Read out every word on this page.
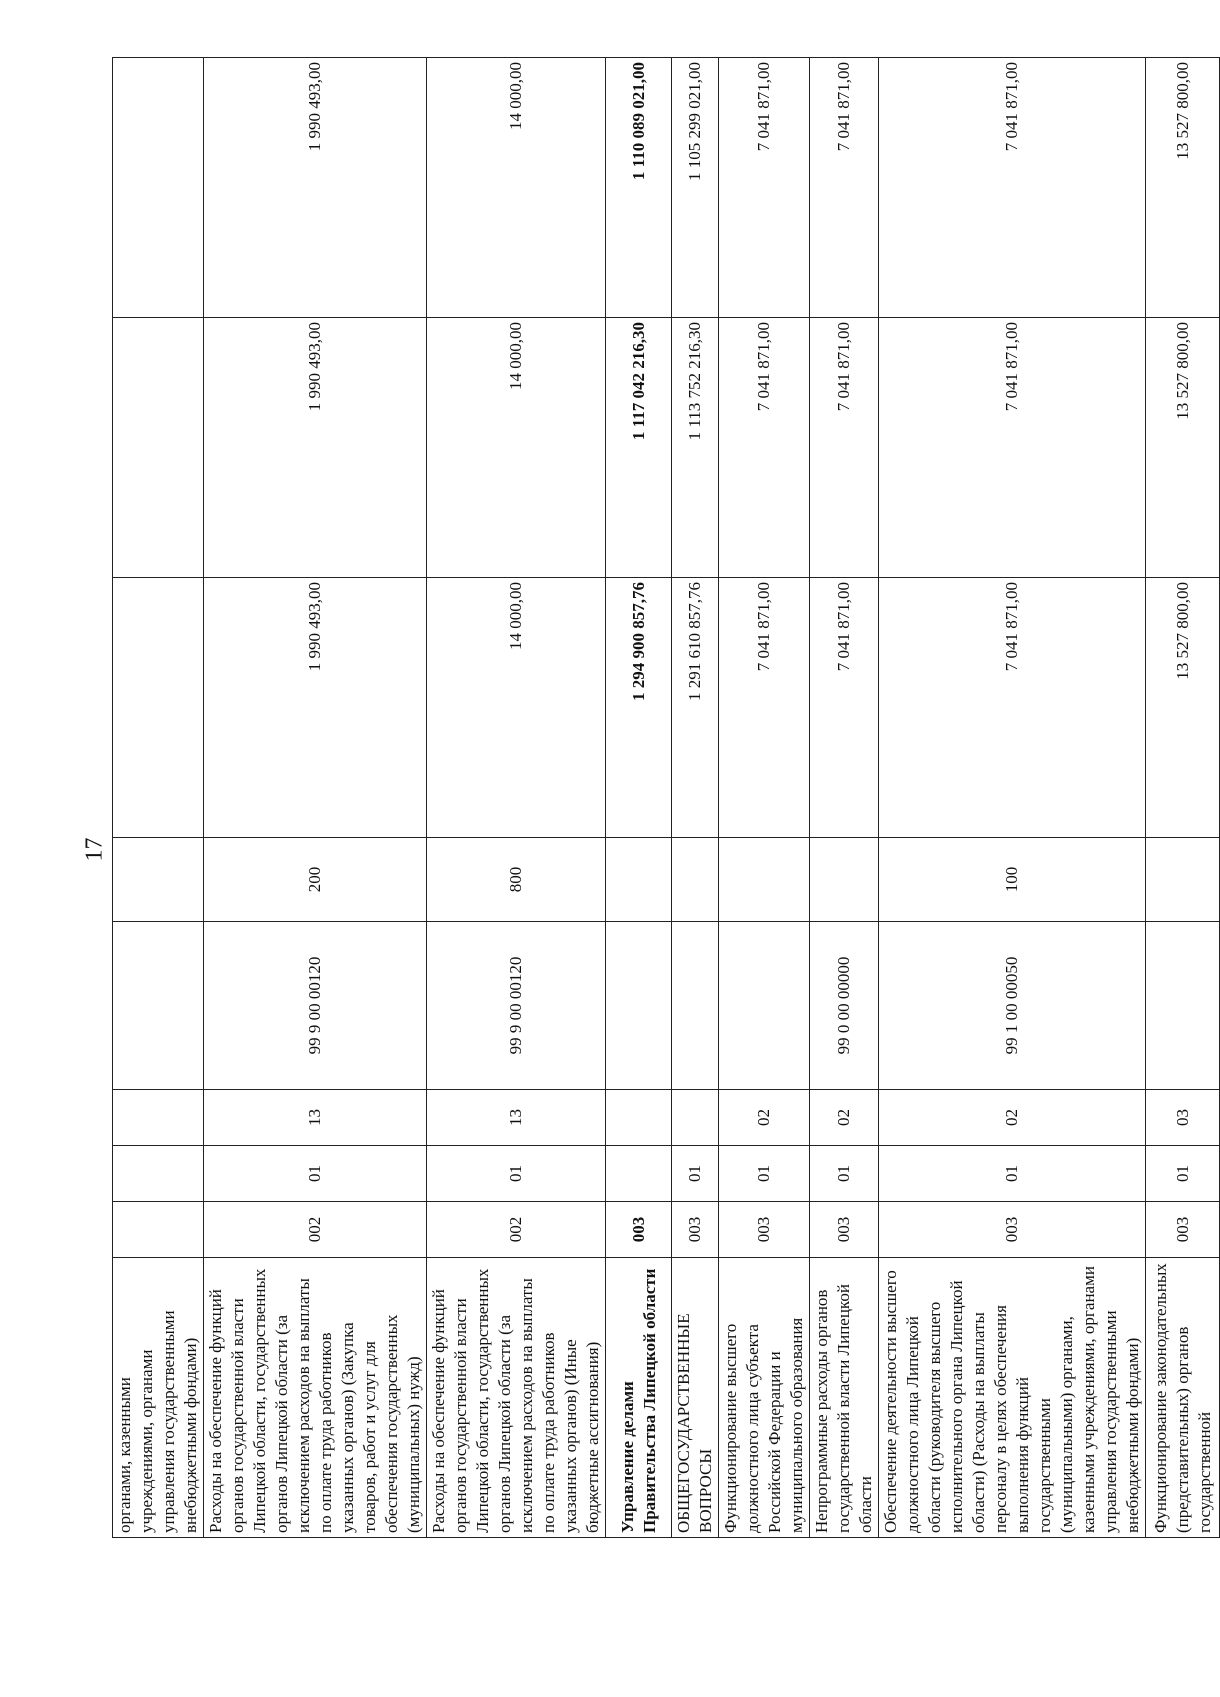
17
органами, казенными учреждениями, органами управления государственными внебюджетными фондами)								
Расходы на обеспечение функций органов государственной власти Липецкой области, государственных органов Липецкой области (за исключением расходов на выплаты по оплате труда работников указанных органов) (Закупка товаров, работ и услуг для обеспечения государственных (муниципальных) нужд)	002	01	13	99 9 00 00120	200	1 990 493,00	1 990 493,00	1 990 493,00
Расходы на обеспечение функций органов государственной власти Липецкой области, государственных органов Липецкой области (за исключением расходов на выплаты по оплате труда работников указанных органов) (Иные бюджетные ассигнования)	002	01	13	99 9 00 00120	800	14 000,00	14 000,00	14 000,00
Управление делами Правительства Липецкой области	003					1 294 900 857,76	1 117 042 216,30	1 110 089 021,00
ОБЩЕГОСУДАРСТВЕННЫЕ ВОПРОСЫ	003	01				1 291 610 857,76	1 113 752 216,30	1 105 299 021,00
Функционирование высшего должностного лица субъекта Российской Федерации и муниципального образования	003	01	02			7 041 871,00	7 041 871,00	7 041 871,00
Непрограммные расходы органов государственной власти Липецкой области	003	01	02	99 0 00 00000		7 041 871,00	7 041 871,00	7 041 871,00
Обеспечение деятельности высшего должностного лица Липецкой области (руководителя высшего исполнительного органа Липецкой области) (Расходы на выплаты персоналу в целях обеспечения выполнения функций государственными (муниципальными) органами, казенными учреждениями, органами управления государственными внебюджетными фондами)	003	01	02	99 1 00 00050	100	7 041 871,00	7 041 871,00	7 041 871,00
Функционирование законодательных (представительных) органов государственной	003	01	03			13 527 800,00	13 527 800,00	13 527 800,00
